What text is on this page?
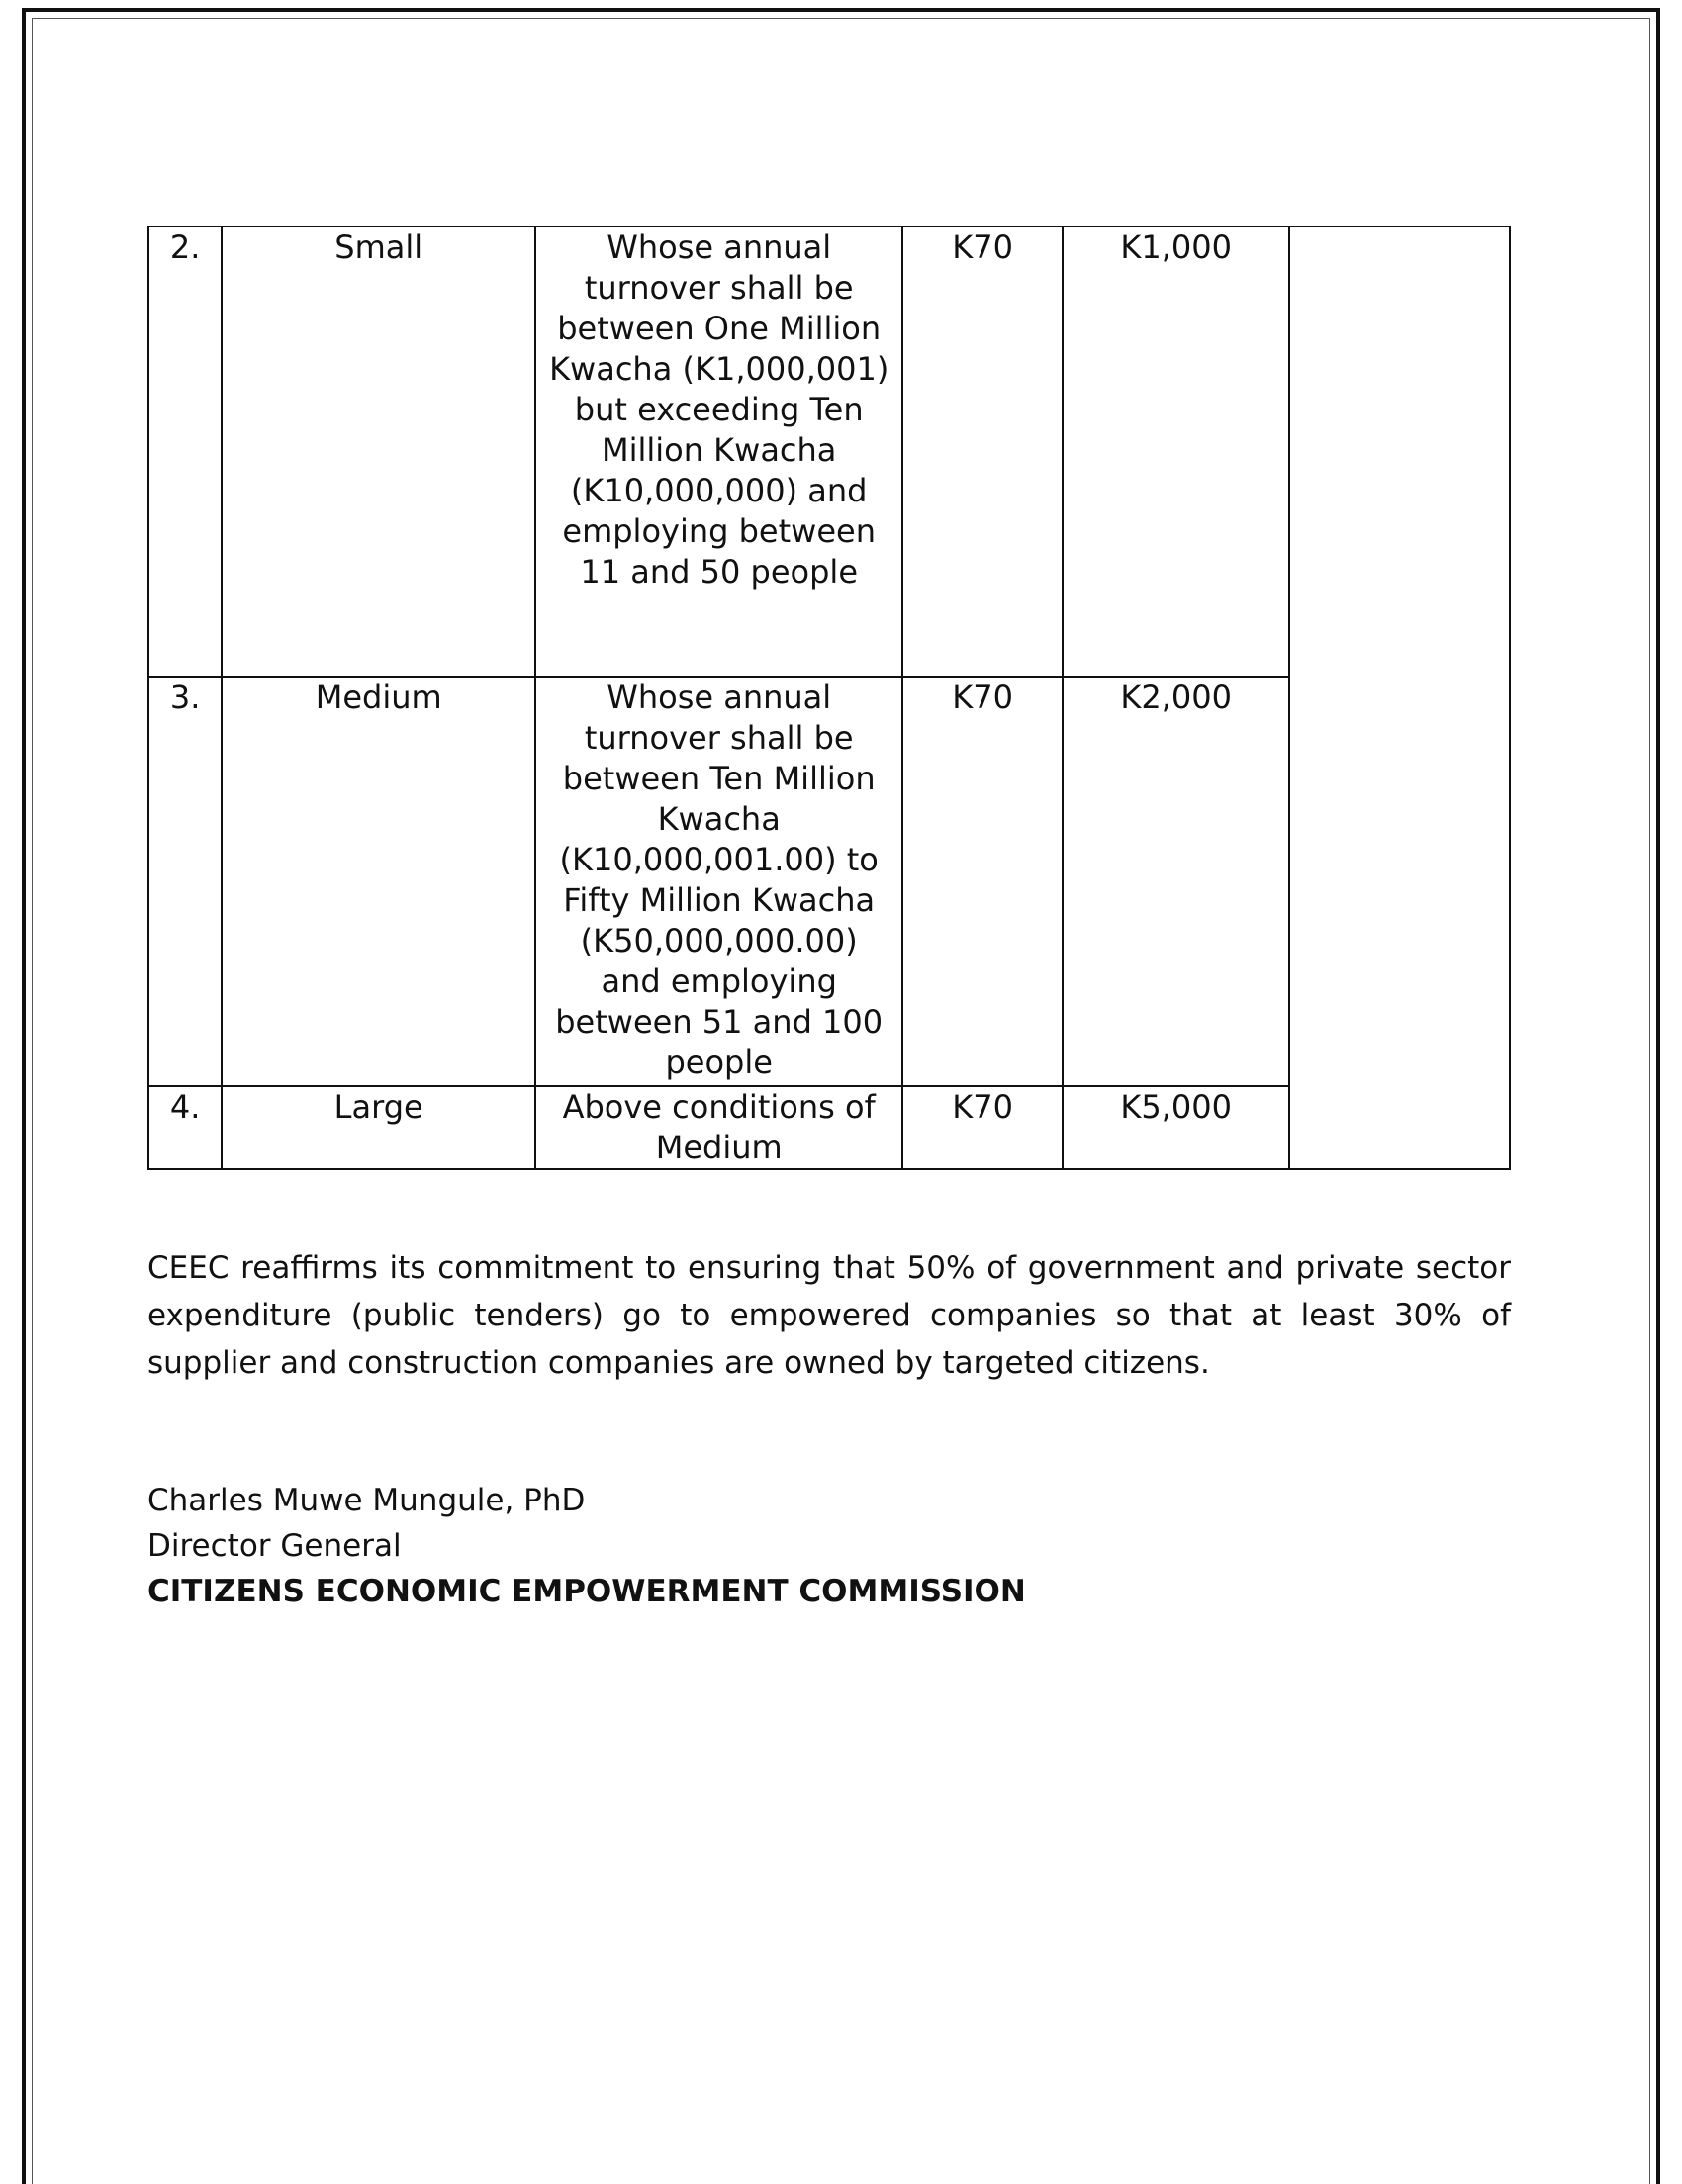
2.	Small	Whose annual turnover shall be between One Million Kwacha (K1,000,001) but exceeding Ten Million Kwacha (K10,000,000) and employing between 11 and 50 people	K70	K1,000	
3.	Medium	Whose annual turnover shall be between Ten Million Kwacha (K10,000,001.00) to Fifty Million Kwacha (K50,000,000.00) and employing between 51 and 100 people	K70	K2,000	
4.	Large	Above conditions of Medium	K70	K5,000	

CEEC reaffirms its commitment to ensuring that 50% of government and private sector expenditure (public tenders) go to empowered companies so that at least 30% of supplier and construction companies are owned by targeted citizens.

Charles Muwe Mungule, PhD
Director General
CITIZENS ECONOMIC EMPOWERMENT COMMISSION
